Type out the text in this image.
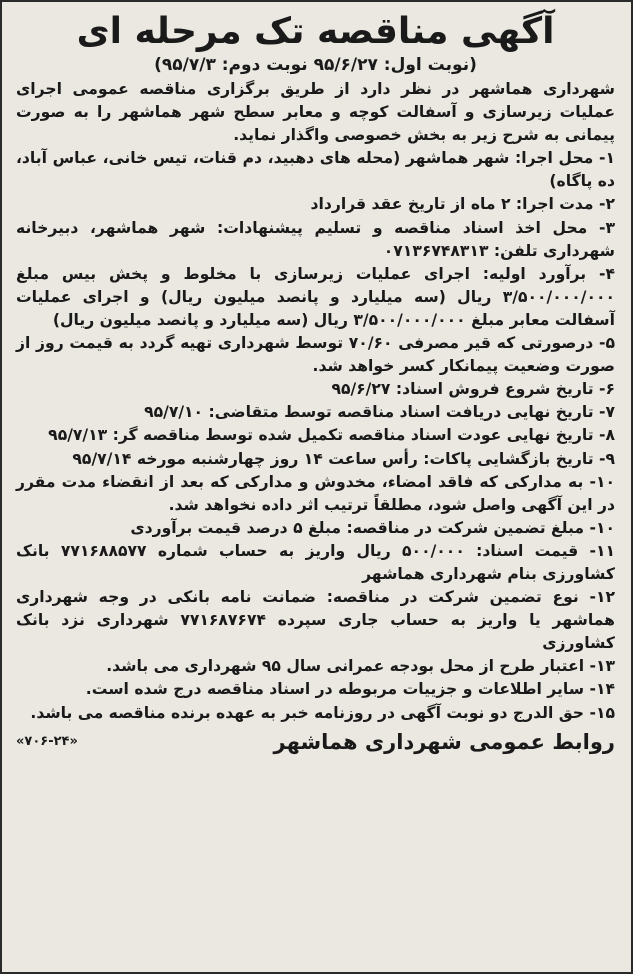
آگهی مناقصه تک مرحله ای
(نوبت اول: ۹۵/۶/۲۷ نوبت دوم: ۹۵/۷/۳)

شهرداری هماشهر در نظر دارد از طریق برگزاری مناقصه عمومی اجرای عملیات زیرسازی و آسفالت کوچه و معابر سطح شهر هماشهر را به صورت پیمانی به شرح زیر به بخش خصوصی واگذار نماید.

۱- محل اجرا: شهر هماشهر (محله های دهبید، دم قنات، تیس خانی، عباس آباد، ده پاگاه)

۲- مدت اجرا: ۲ ماه از تاریخ عقد قرارداد

۳- محل اخذ اسناد مناقصه و تسلیم پیشنهادات: شهر هماشهر، دبیرخانه شهرداری تلفن: ۰۷۱۳۶۷۴۸۳۱۳

۴- برآورد اولیه: اجرای عملیات زیرسازی با مخلوط و پخش بیس مبلغ ۳/۵۰۰/۰۰۰/۰۰۰ ریال (سه میلیارد و پانصد میلیون ریال) و اجرای عملیات آسفالت معابر مبلغ ۳/۵۰۰/۰۰۰/۰۰۰ ریال (سه میلیارد و پانصد میلیون ریال)

۵- درصورتی که قیر مصرفی ۷۰/۶۰ توسط شهرداری تهیه گردد به قیمت روز از صورت وضعیت پیمانکار کسر خواهد شد.

۶- تاریخ شروع فروش اسناد: ۹۵/۶/۲۷

۷- تاریخ نهایی دریافت اسناد مناقصه توسط متقاضی: ۹۵/۷/۱۰

۸- تاریخ نهایی عودت اسناد مناقصه تکمیل شده توسط مناقصه گر: ۹۵/۷/۱۳

۹- تاریخ بازگشایی پاکات: رأس ساعت ۱۴ روز چهارشنبه مورخه ۹۵/۷/۱۴

۱۰- به مدارکی که فاقد امضاء، مخدوش و مدارکی که بعد از انقضاء مدت مقرر در این آگهی واصل شود، مطلقاً ترتیب اثر داده نخواهد شد.

۱۰- مبلغ تضمین شرکت در مناقصه: مبلغ ۵ درصد قیمت برآوردی

۱۱- قیمت اسناد: ۵۰۰/۰۰۰ ریال واریز به حساب شماره ۷۷۱۶۸۸۵۷۷ بانک کشاورزی بنام شهرداری هماشهر

۱۲- نوع تضمین شرکت در مناقصه: ضمانت نامه بانکی در وجه شهرداری هماشهر یا واریز به حساب جاری سپرده ۷۷۱۶۸۷۶۷۴ شهرداری نزد بانک کشاورزی

۱۳- اعتبار طرح از محل بودجه عمرانی سال ۹۵ شهرداری می باشد.

۱۴- سایر اطلاعات و جزییات مربوطه در اسناد مناقصه درج شده است.

۱۵- حق الدرج دو نوبت آگهی در روزنامه خبر به عهده برنده مناقصه می باشد.

روابط عمومی شهرداری هماشهر
«۷۰۶-۲۴»
